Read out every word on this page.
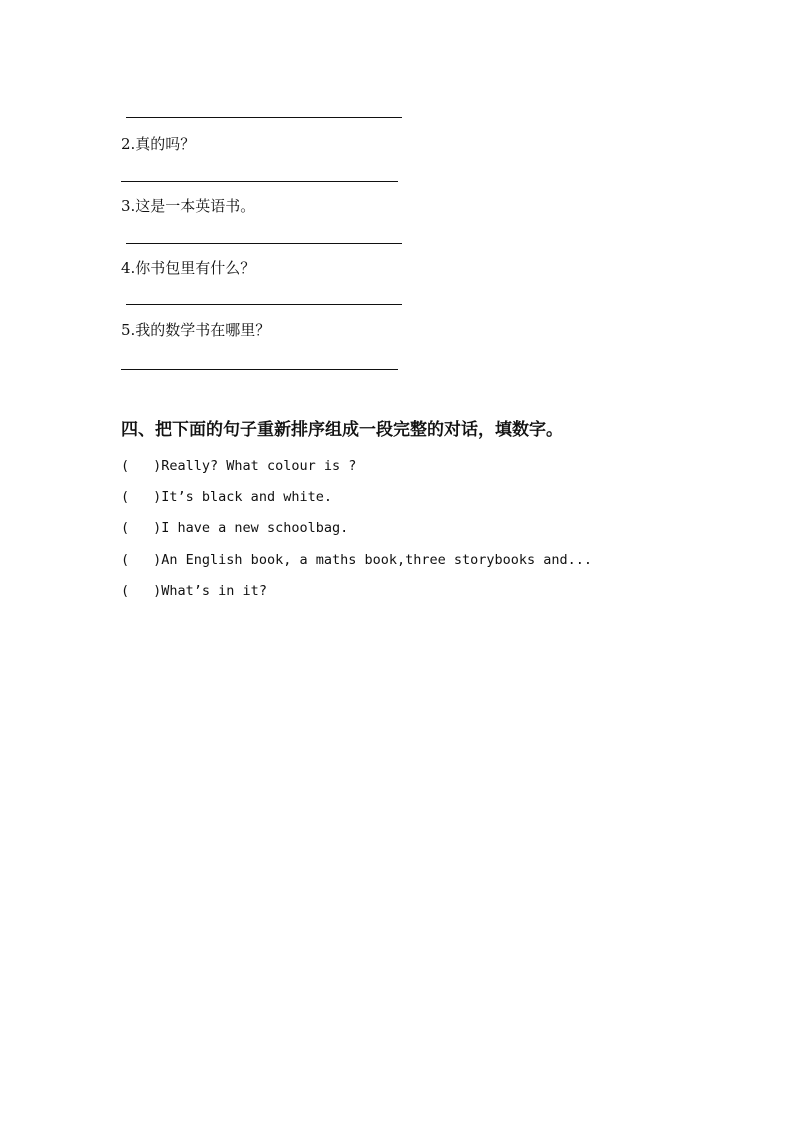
2.真的吗？
3.这是一本英语书。
4.你书包里有什么？
5.我的数学书在哪里？
四、把下面的句子重新排序组成一段完整的对话，填数字。
( )Really? What colour is ?
( )It’s black and white.
( )I have a new schoolbag.
( )An English book, a maths book,three storybooks and...
( )What’s in it?
